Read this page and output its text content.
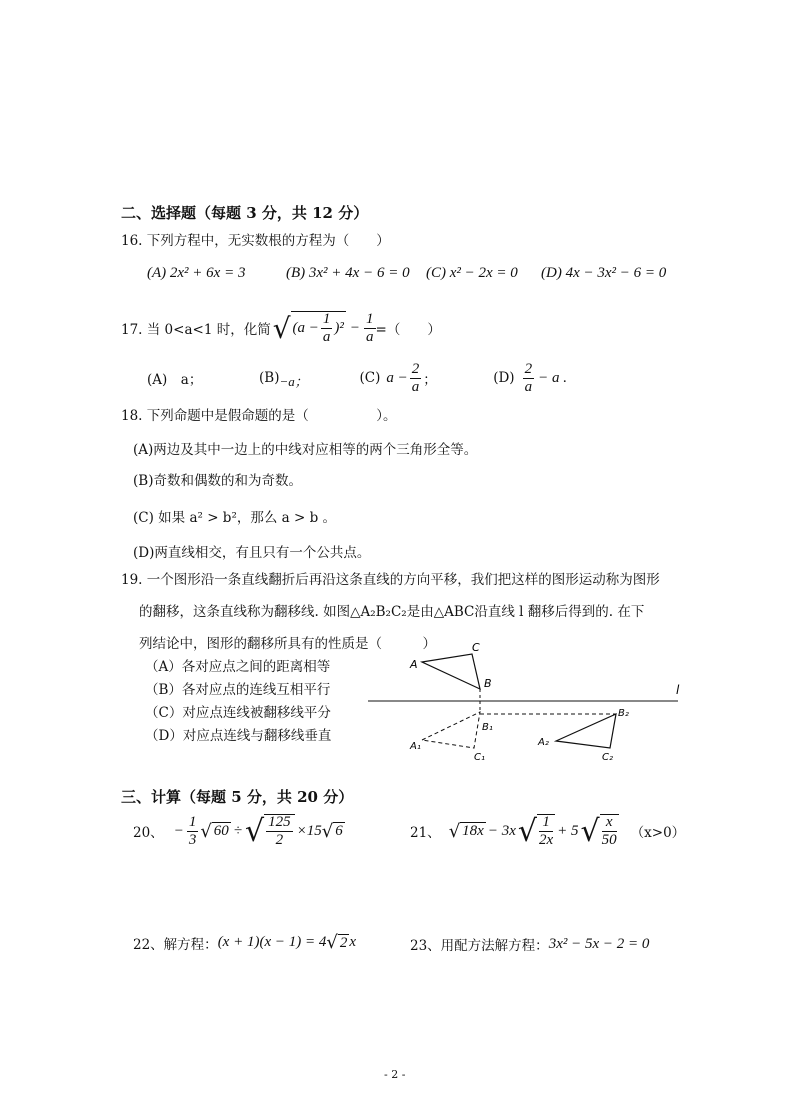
二、选择题（每题 3 分，共 12 分）
16. 下列方程中，无实数根的方程为（　　）
(A) 2x² + 6x = 3	(B) 3x² + 4x − 6 = 0 (C) x² − 2x = 0 (D) 4x − 3x² − 6 = 0
17. 当 0<a<1 时，化简 √ $(a - \frac{1}{a} )^2 - \frac{1}{a}$ =（　　）
(A)　a；	(B) −a；	(C) $a - \frac{2}{a}$ ；	$(D) \frac{2}{a} - a$ .
18. 下列命题中是假命题的是（　　　　　）。
(A)两边及其中一边上的中线对应相等的两个三角形全等。
(B)奇数和偶数的和为奇数。
(C) 如果 a² > b²，那么 a > b 。
(D)两直线相交，有且只有一个公共点。
19. 一个图形沿一条直线翻折后再沿这条直线的方向平移，我们把这样的图形运动称为图形
的翻移，这条直线称为翻移线. 如图△A₂B₂C₂是由△ABC沿直线 l 翻移后得到的. 在下
列结论中，图形的翻移所具有的性质是（　　　）
（A）各对应点之间的距离相等
（B）各对应点的连线互相平行
（C）对应点连线被翻移线平分
（D）对应点连线与翻移线垂直
A
C
B	l
B₁
A₁
C₁
B₂
A₂
C₂
三、计算（每题 5 分，共 20 分）
20、 − $\frac{1}{3}$ √ 60 ÷ √ $\frac{125}{2} \times 15$ √ 6	21、 √ 18x − 3x √ $\frac{1}{2x} + 5$ √ $\frac{x}{50} (x>0)$
22、解方程： (x + 1)(x − 1) = 4 √ 2 x	23、用配方法解方程： 3x² − 5x − 2 = 0
- 2 -
